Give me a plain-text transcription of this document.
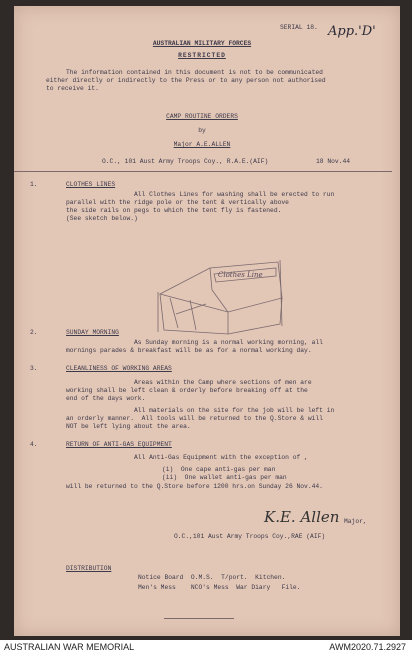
SERIAL 18. App.'D'
AUSTRALIAN MILITARY FORCES
RESTRICTED
The information contained in this document is not to be communicated
either directly or indirectly to the Press or to any person not authorised
to receive it.
CAMP ROUTINE ORDERS
by
Major A.E.ALLEN
O.C., 101 Aust Army Troops Coy., R.A.E.(AIF)	18 Nov.44
1.	CLOTHES LINES
All Clothes Lines for washing shall be erected to run
parallel with the ridge pole or the tent & vertically above
the side rails on pegs to which the tent fly is fastened.
(See sketch below.)
Clothes Line
2.	SUNDAY MORNING
As Sunday morning is a normal working morning, all
mornings parades & breakfast will be as for a normal working day.
3.	CLEANLINESS OF WORKING AREAS
Areas within the Camp where sections of men are
working shall be left clean & orderly before breaking off at the
end of the days work.
All materials on the site for the job will be left in
an orderly manner.  All tools will be returned to the Q.Store & will
NOT be left lying about the area.
4.	RETURN OF ANTI-GAS EQUIPMENT
All Anti-Gas Equipment with the exception of ,
(i)  One cape anti-gas per man
(ii)  One wallet anti-gas per man
will be returned to the Q.Store before 1200 hrs.on Sunday 26 Nov.44.
K.E. Allen Major,
O.C.,101 Aust Army Troops Coy.,RAE (AIF)
DISTRIBUTION
Notice Board  O.M.S.  T/port.  Kitchen.
Men's Mess    NCO's Mess  War Diary   File.
AUSTRALIAN WAR MEMORIAL	AWM2020.71.2927
